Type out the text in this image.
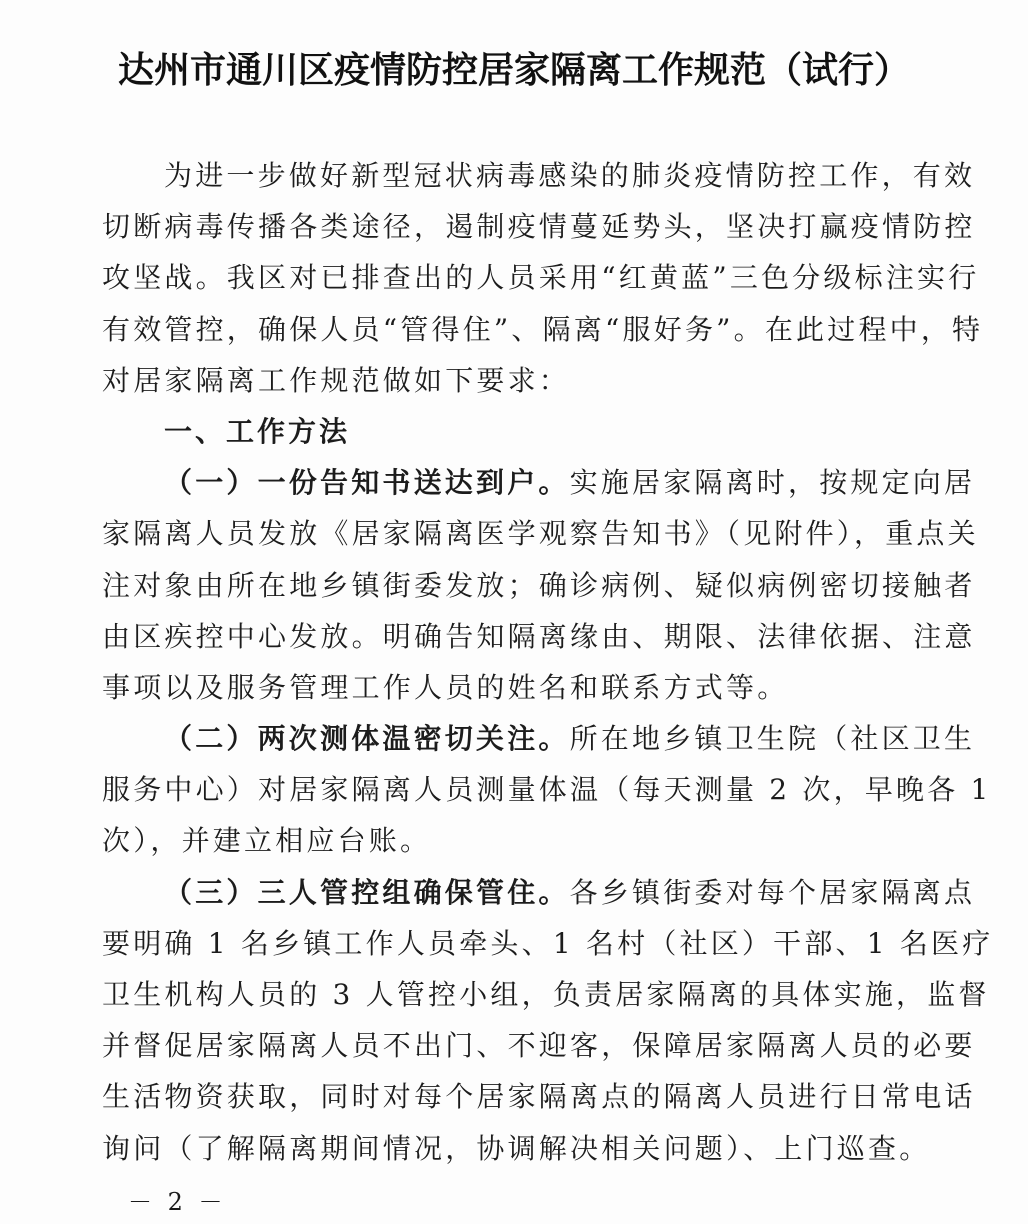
达州市通川区疫情防控居家隔离工作规范（试行）
为进一步做好新型冠状病毒感染的肺炎疫情防控工作，有效
切断病毒传播各类途径，遏制疫情蔓延势头，坚决打赢疫情防控
攻坚战。我区对已排查出的人员采用“红黄蓝”三色分级标注实行
有效管控，确保人员“管得住”、隔离“服好务”。在此过程中，特
对居家隔离工作规范做如下要求：
一、工作方法
（一）一份告知书送达到户。实施居家隔离时，按规定向居
家隔离人员发放《居家隔离医学观察告知书》（见附件），重点关
注对象由所在地乡镇街委发放；确诊病例、疑似病例密切接触者
由区疾控中心发放。明确告知隔离缘由、期限、法律依据、注意
事项以及服务管理工作人员的姓名和联系方式等。
（二）两次测体温密切关注。所在地乡镇卫生院（社区卫生
服务中心）对居家隔离人员测量体温（每天测量 2 次，早晚各 1
次），并建立相应台账。
（三）三人管控组确保管住。各乡镇街委对每个居家隔离点
要明确 1 名乡镇工作人员牵头、1 名村（社区）干部、1 名医疗
卫生机构人员的 3 人管控小组，负责居家隔离的具体实施，监督
并督促居家隔离人员不出门、不迎客，保障居家隔离人员的必要
生活物资获取，同时对每个居家隔离点的隔离人员进行日常电话
询问（了解隔离期间情况，协调解决相关问题）、上门巡查。
－ 2 －
